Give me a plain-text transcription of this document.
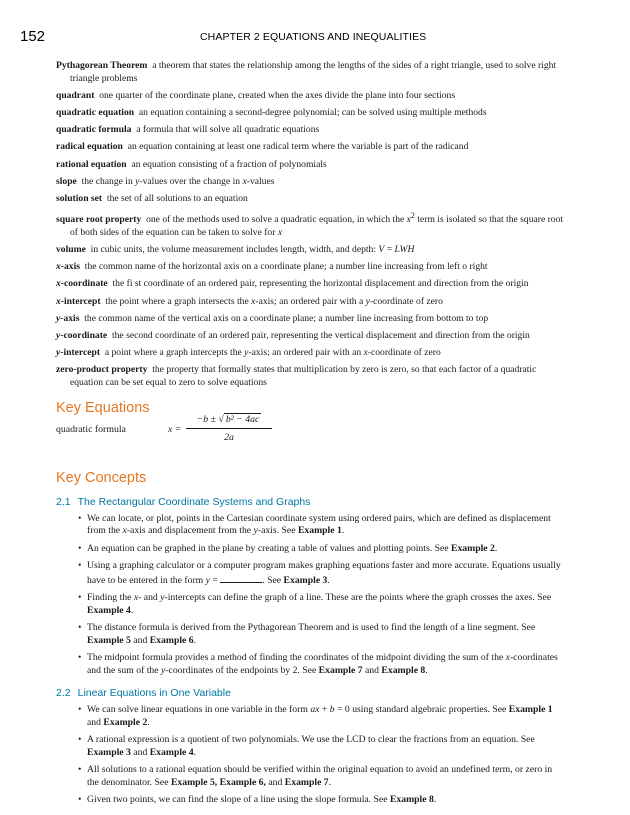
152	CHAPTER 2 EQUATIONS AND INEQUALITIES
Pythagorean Theorem  a theorem that states the relationship among the lengths of the sides of a right triangle, used to solve right triangle problems
quadrant  one quarter of the coordinate plane, created when the axes divide the plane into four sections
quadratic equation  an equation containing a second-degree polynomial; can be solved using multiple methods
quadratic formula  a formula that will solve all quadratic equations
radical equation  an equation containing at least one radical term where the variable is part of the radicand
rational equation  an equation consisting of a fraction of polynomials
slope  the change in y-values over the change in x-values
solution set  the set of all solutions to an equation
square root property  one of the methods used to solve a quadratic equation, in which the $x^2$ term is isolated so that the square root of both sides of the equation can be taken to solve for x
volume  in cubic units, the volume measurement includes length, width, and depth: V = LWH
x-axis  the common name of the horizontal axis on a coordinate plane; a number line increasing from left o right
x-coordinate  the fi st coordinate of an ordered pair, representing the horizontal displacement and direction from the origin
x-intercept  the point where a graph intersects the x-axis; an ordered pair with a y-coordinate of zero
y-axis  the common name of the vertical axis on a coordinate plane; a number line increasing from bottom to top
y-coordinate  the second coordinate of an ordered pair, representing the vertical displacement and direction from the origin
y-intercept  a point where a graph intercepts the y-axis; an ordered pair with an x-coordinate of zero
zero-product property  the property that formally states that multiplication by zero is zero, so that each factor of a quadratic equation can be set equal to zero to solve equations
Key Equations
quadratic formula	$x = \frac{\text{−b ± √ b² − 4ac}}{2a}$
Key Concepts
2.1 The Rectangular Coordinate Systems and Graphs
• We can locate, or plot, points in the Cartesian coordinate system using ordered pairs, which are defined as displacement from the x-axis and displacement from the y-axis. See Example 1.
• An equation can be graphed in the plane by creating a table of values and plotting points. See Example 2.
• Using a graphing calculator or a computer program makes graphing equations faster and more accurate. Equations usually have to be entered in the form y =	. See Example 3.
• Finding the x- and y-intercepts can define the graph of a line. These are the points where the graph crosses the axes. See Example 4.
• The distance formula is derived from the Pythagorean Theorem and is used to find the length of a line segment. See Example 5 and Example 6.
• The midpoint formula provides a method of finding the coordinates of the midpoint dividing the sum of the x-coordinates and the sum of the y-coordinates of the endpoints by 2. See Example 7 and Example 8.
2.2 Linear Equations in One Variable
• We can solve linear equations in one variable in the form ax + b = 0 using standard algebraic properties. See Example 1 and Example 2.
• A rational expression is a quotient of two polynomials. We use the LCD to clear the fractions from an equation. See Example 3 and Example 4.
• All solutions to a rational equation should be verified within the original equation to avoid an undefined term, or zero in the denominator. See Example 5, Example 6, and Example 7.
• Given two points, we can find the slope of a line using the slope formula. See Example 8.
